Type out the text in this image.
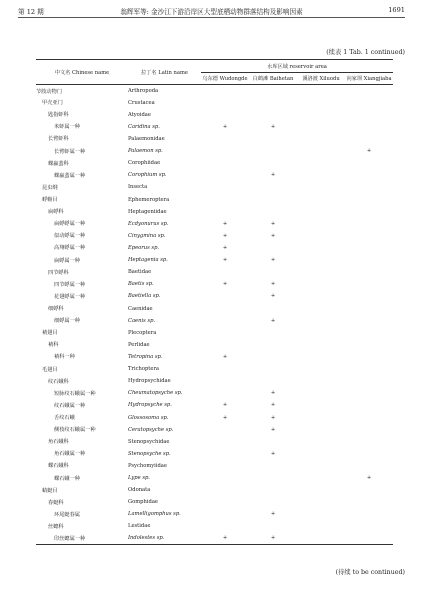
第 12 期	翁辉军等: 金沙江下游沿岸区大型底栖动物群落结构及影响因素	1691
(续表 1 Tab. 1 continued)
中文名 Chinese name	拉丁名 Latin name	水库区域 reservoir area			
		乌东德 Wudongde	白鹤滩 Baihetan	溪洛渡 Xiluodu	向家坝 Xiangjiaba
节肢动物门	Arthropoda				
甲壳亚门	Crustacea				
匙指虾科	Atyoidae				
米虾属一种	Caridina sp.	+	+		
长臂虾科	Palaemonidae				
长臂虾属一种	Palaemon sp.				+
蜾蠃蜚科	Corophiidae				
蜾蠃蜚属一种	Corophium sp.		+		
昆虫纲	Insecta				
蜉蝣目	Ephemeroptera				
扁蜉科	Heptageniidae				
扁蜉蜉属一种	Ecdyonurus sp.	+	+		
似动蜉属一种	Cinygmina sp.	+	+		
高翔蜉属一种	Epeorus sp.	+			
扁蜉属一种	Heptagenia sp.	+	+		
四节蜉科	Baetidae				
四节蜉属一种	Baetis sp.	+	+		
花翅蜉属一种	Baetiella sp.		+		
细蜉科	Caenidae				
细蜉属一种	Caenis sp.		+		
襀翅目	Plecoptera				
襀科	Perlidae				
襀科一种	Tetropina sp.	+			
毛翅目	Trichoptera				
纹石蛾科	Hydropsychidae				
短脉纹石蛾属一种	Cheumatopsyche sp.		+		
纹石蛾属一种	Hydropsyche sp.	+	+		
舌纹石蛾	Glossosoma sp.	+	+		
侧枝纹石蛾属一种	Ceratopsyche sp.		+		
角石蛾科	Stenopsychidae				
角石蛾属一种	Stenopsyche sp.		+		
蝶石蛾科	Psychomyiidae				
蝶石蛾一种	Lype sp.				+
蜻蜓目	Odonata				
春蜓科	Gomphidae				
环尾蜓春属	Lamelligomphus sp.		+		
丝蟌科	Lestidae				
印丝蟌属一种	Indolestes sp.	+	+		
(待续 to be continued)
